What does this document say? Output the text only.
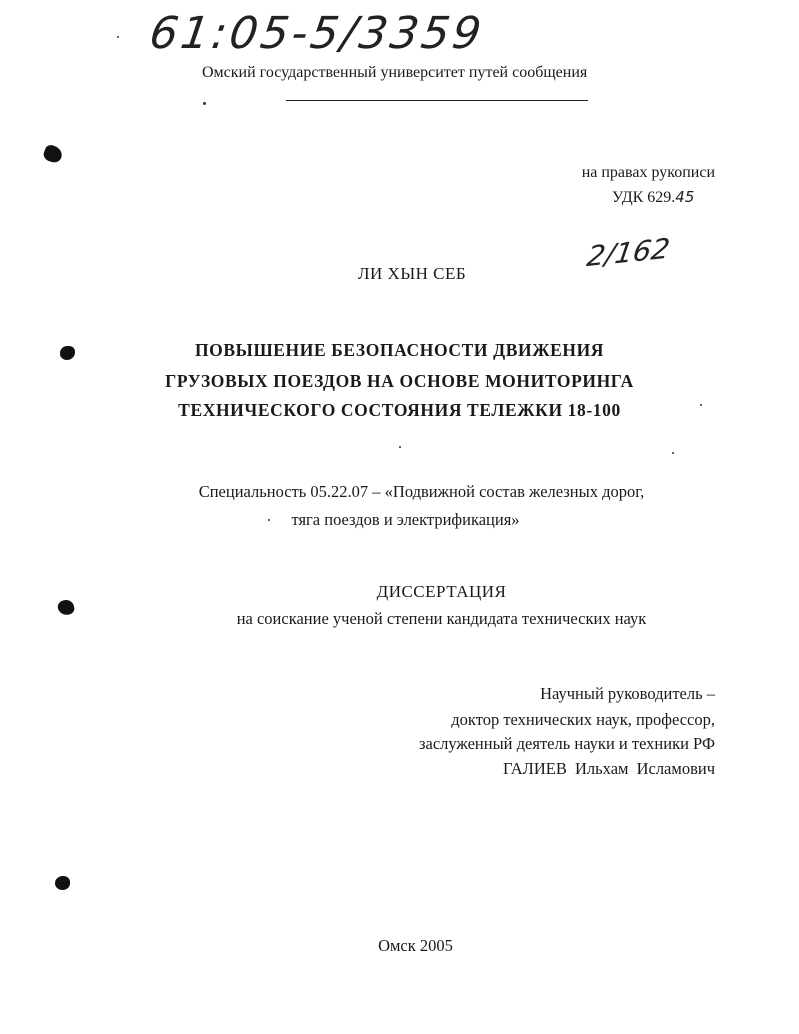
61:05-5/3359
Омский государственный университет путей сообщения
на правах рукописи
УДК 629.45
2/162
ЛИ ХЫН СЕБ
ПОВЫШЕНИЕ БЕЗОПАСНОСТИ ДВИЖЕНИЯ
ГРУЗОВЫХ ПОЕЗДОВ НА ОСНОВЕ МОНИТОРИНГА
ТЕХНИЧЕСКОГО СОСТОЯНИЯ ТЕЛЕЖКИ 18-100
Специальность 05.22.07 – «Подвижной состав железных дорог,
тяга поездов и электрификация»
ДИССЕРТАЦИЯ
на соискание ученой степени кандидата технических наук
Научный руководитель –
доктор технических наук, профессор,
заслуженный деятель науки и техники РФ
ГАЛИЕВ Ильхам Исламович
Омск 2005
